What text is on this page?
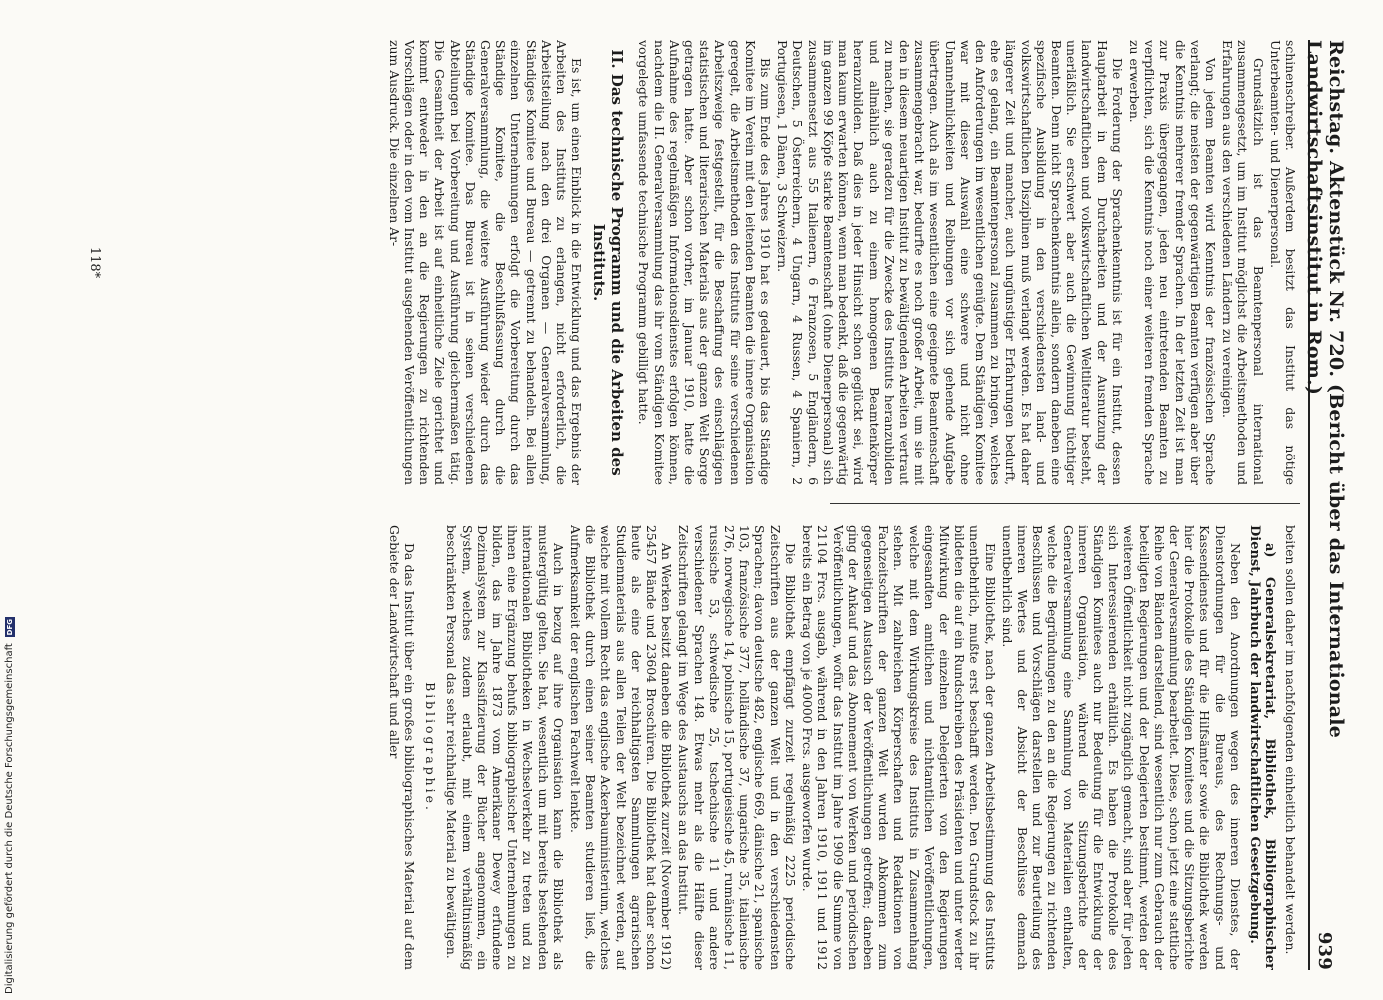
Digitalisierung gefördert durch die Deutsche Forschungsgemeinschaft
DFG	Reichstag. Aktenstück Nr. 720. (Bericht über das Internationale Landwirtschaftsinstitut in Rom.)
939

schinenschreiber. Außerdem besitzt das Institut das nötige Unterbeamten- und Dienerpersonal.

Grundsätzlich ist das Beamtenpersonal international zusammengesetzt, um im Institut möglichst die Arbeitsmethoden und Erfahrungen aus den verschiedenen Ländern zu vereinigen.

Von jedem Beamten wird Kenntnis der französischen Sprache verlangt; die meisten der gegenwärtigen Beamten verfügen aber über die Kenntnis mehrerer fremder Sprachen. In der letzten Zeit ist man zur Praxis übergegangen, jeden neu eintretenden Beamten zu verpflichten, sich die Kenntnis noch einer weiteren fremden Sprache zu erwerben.

Die Forderung der Sprachenkenntnis ist für ein Institut, dessen Hauptarbeit in dem Durcharbeiten und der Ausnutzung der landwirtschaftlichen und volkswirtschaftlichen Weltliteratur besteht, unerläßlich. Sie erschwert aber auch die Gewinnung tüchtiger Beamten. Denn nicht Sprachenkenntnis allein, sondern daneben eine spezifische Ausbildung in den verschiedensten land- und volkswirtschaftlichen Disziplinen muß verlangt werden. Es hat daher längerer Zeit und mancher, auch ungünstiger Erfahrungen bedurft, ehe es gelang, ein Beamtenpersonal zusammen zu bringen, welches den Anforderungen im wesentlichen genügte. Dem Ständigen Komitee war mit dieser Auswahl eine schwere und nicht ohne Unannehmlichkeiten und Reibungen vor sich gehende Aufgabe übertragen. Auch als im wesentlichen eine geeignete Beamtenschaft zusammengebracht war, bedurfte es noch großer Arbeit, um sie mit den in diesem neuartigen Institut zu bewältigenden Arbeiten vertraut zu machen, sie geradezu für die Zwecke des Instituts heranzubilden und allmählich auch zu einem homogenen Beamtenkörper heranzubilden. Daß dies in jeder Hinsicht schon geglückt sei, wird man kaum erwarten können, wenn man bedenkt, daß die gegenwärtig im ganzen 99 Köpfe starke Beamtenschaft (ohne Dienerpersonal) sich zusammensetzt aus 55 Italienern, 6 Franzosen, 5 Engländern, 6 Deutschen, 5 Österreichern, 4 Ungarn, 4 Russen, 4 Spaniern, 2 Portugiesen, 1 Dänen, 3 Schweizern.

Bis zum Ende des Jahres 1910 hat es gedauert, bis das Ständige Komitee im Verein mit den leitenden Beamten die innere Organisation geregelt, die Arbeitsmethoden des Instituts für seine verschiedenen Arbeitszweige festgestellt, für die Beschaffung des einschlägigen statistischen und literarischen Materials aus der ganzen Welt Sorge getragen hatte. Aber schon vorher, im Januar 1910, hatte die Aufnahme des regelmäßigen Informationsdienstes erfolgen können, nachdem die II. Generalversammlung das ihr vom Ständigen Komitee vorgelegte umfassende technische Programm gebilligt hatte.

II. Das technische Programm und die Arbeiten des Instituts.

Es ist, um einen Einblick in die Entwicklung und das Ergebnis der Arbeiten des Instituts zu erlangen, nicht erforderlich, die Arbeitsteilung nach den drei Organen — Generalversammlung, Ständiges Komitee und Bureau — getrennt zu behandeln. Bei allen einzelnen Unternehmungen erfolgt die Vorbereitung durch das Ständige Komitee, die Beschlußfassung durch die Generalversammlung, die weitere Ausführung wieder durch das Ständige Komitee. Das Bureau ist in seinen verschiedenen Abteilungen bei Vorbereitung und Ausführung gleichermaßen tätig. Die Gesamtheit der Arbeit ist auf einheitliche Ziele gerichtet und kommt entweder in den an die Regierungen zu richtenden Vorschlägen oder in den vom Institut ausgehenden Veröffentlichungen zum Ausdruck. Die einzelnen Ar-

beiten sollen daher im nachfolgenden einheitlich behandelt werden.

a) Generalsekretariat, Bibliothek, Bibliographischer Dienst, Jahrbuch der landwirtschaftlichen Gesetzgebung.

Neben den Anordnungen wegen des inneren Dienstes, der Dienstordnungen für die Bureaus, des Rechnungs- und Kassendienstes und für die Hilfsämter sowie die Bibliothek werden hier die Protokolle des Ständigen Komitees und die Sitzungsberichte der Generalversammlung bearbeitet. Diese, schon jetzt eine stattliche Reihe von Bänden darstellend, sind wesentlich nur zum Gebrauch der beteiligten Regierungen und der Delegierten bestimmt, werden der weiteren Öffentlichkeit nicht zugänglich gemacht, sind aber für jeden sich Interessierenden erhältlich. Es haben die Protokolle des Ständigen Komitees auch nur Bedeutung für die Entwicklung der inneren Organisation, während die Sitzungsberichte der Generalversammlung eine Sammlung von Materialien enthalten, welche die Begründungen zu den an die Regierungen zu richtenden Beschlüssen und Vorschlägen darstellen und zur Beurteilung des inneren Wertes und der Absicht der Beschlüsse demnach unentbehrlich sind.

Eine Bibliothek, nach der ganzen Arbeitsbestimmung des Instituts unentbehrlich, mußte erst beschafft werden. Den Grundstock zu ihr bildeten die auf ein Rundschreiben des Präsidenten und unter werter Mitwirkung der einzelnen Delegierten von den Regierungen eingesandten amtlichen und nichtamtlichen Veröffentlichungen, welche mit dem Wirkungskreise des Instituts in Zusammenhang stehen. Mit zahlreichen Körperschaften und Redaktionen von Fachzeitschriften der ganzen Welt wurden Abkommen zum gegenseitigen Austausch der Veröffentlichungen getroffen; daneben ging der Ankauf und das Abonnement von Werken und periodischen Veröffentlichungen, wofür das Institut im Jahre 1909 die Summe von 21104 Frcs. ausgab, während in den Jahren 1910, 1911 und 1912 bereits ein Betrag von je 40000 Frcs. ausgeworfen wurde.

Die Bibliothek empfängt zurzeit regelmäßig 2225 periodische Zeitschriften aus der ganzen Welt und in den verschiedensten Sprachen; davon deutsche 482, englische 669, dänische 21, spanische 103, französische 377, holländische 37, ungarische 35, italienische 276, norwegische 14, polnische 15, portugiesische 45, rumänische 11, russische 53, schwedische 25, tschechische 11 und andere verschiedener Sprachen 148. Etwas mehr als die Hälfte dieser Zeitschriften gelangt im Wege des Austauschs an das Institut.

An Werken besitzt daneben die Bibliothek zurzeit (November 1912) 25457 Bände und 23604 Broschüren. Die Bibliothek hat daher schon heute als eine der reichhaltigsten Sammlungen agrarischen Studienmaterials aus allen Teilen der Welt bezeichnet werden, auf welche mit vollem Recht das englische Ackerbauministerium, welches die Bibliothek durch einen seiner Beamten studieren ließ, die Aufmerksamkeit der englischen Fachwelt lenkte.

Auch in bezug auf ihre Organisation kann die Bibliothek als mustergültig gelten. Sie hat, wesentlich um mit bereits bestehenden internationalen Bibliotheken in Wechselverkehr zu treten und zu ihnen eine Ergänzung behufs bibliographischer Unternehmungen zu bilden, das im Jahre 1873 vom Amerikaner Dewey erfundene Dezimalsystem zur Klassifizierung der Bücher angenommen, ein System, welches zudem erlaubt, mit einem verhältnismäßig beschränkten Personal das sehr reichhaltige Material zu bewältigen.

Bibliographie.

Da das Institut über ein großes bibliographisches Material auf dem Gebiete der Landwirtschaft und aller

118*
